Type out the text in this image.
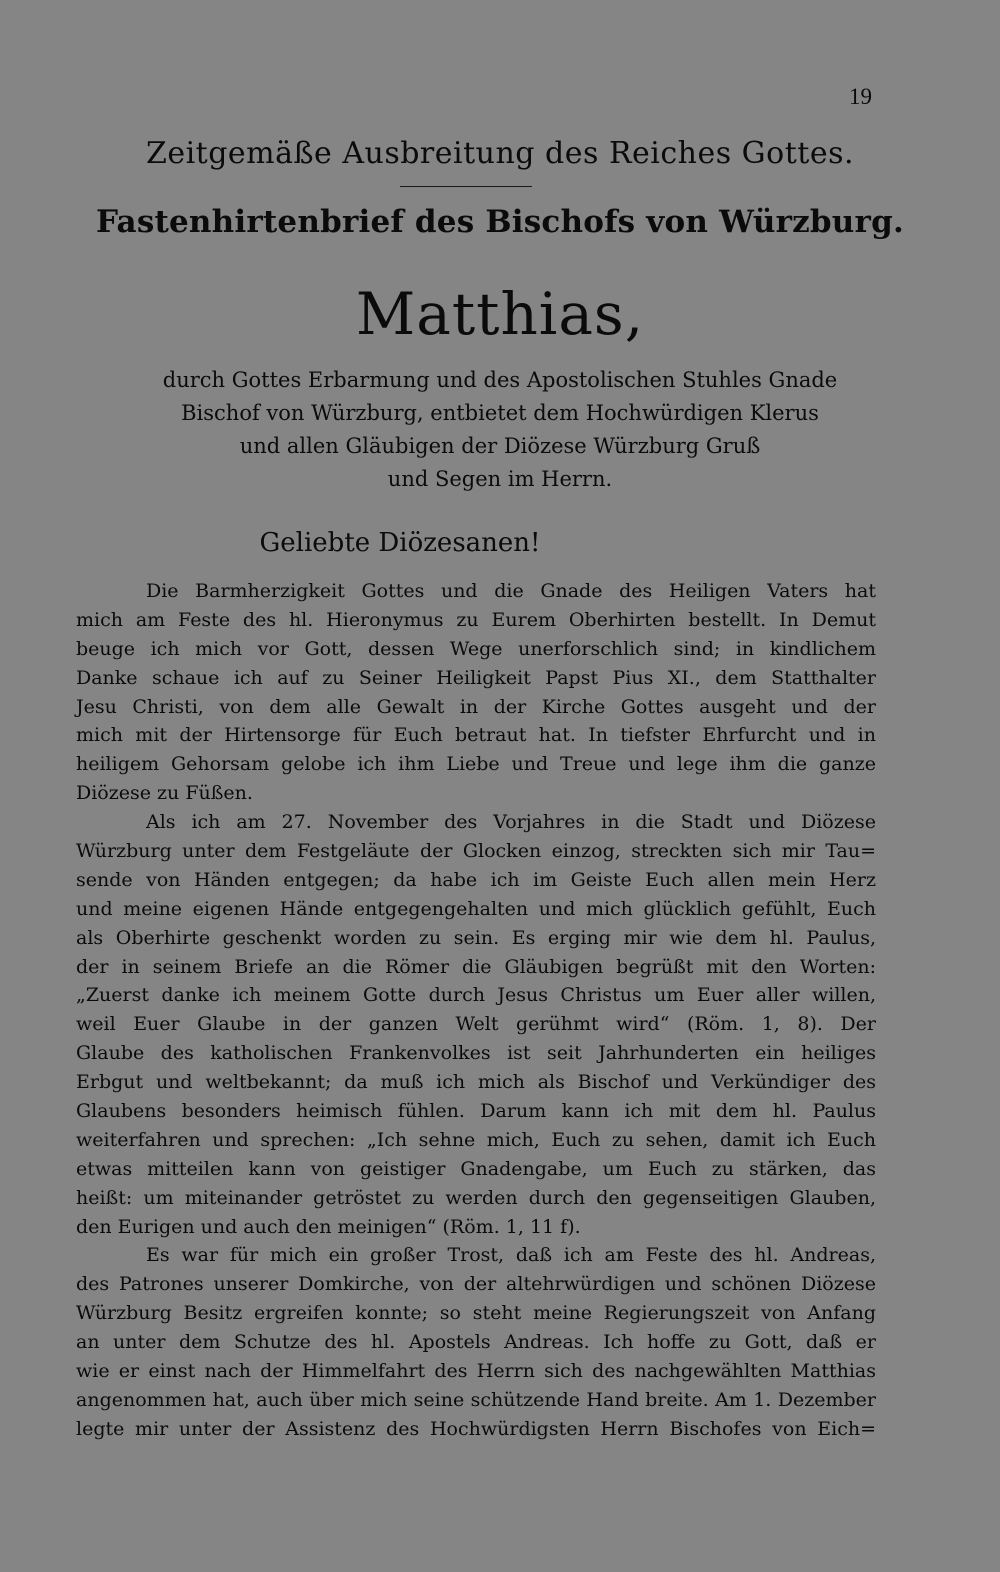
19
Zeitgemäße Ausbreitung des Reiches Gottes.
Fastenhirtenbrief des Bischofs von Würzburg.
Matthias,
durch Gottes Erbarmung und des Apostolischen Stuhles Gnade
Bischof von Würzburg, entbietet dem Hochwürdigen Klerus
und allen Gläubigen der Diözese Würzburg Gruß
und Segen im Herrn.
Geliebte Diözesanen!
Die Barmherzigkeit Gottes und die Gnade des Heiligen Vaters hat
mich am Feste des hl. Hieronymus zu Eurem Oberhirten bestellt. In Demut
beuge ich mich vor Gott, dessen Wege unerforschlich sind; in kindlichem
Danke schaue ich auf zu Seiner Heiligkeit Papst Pius XI., dem Statthalter
Jesu Christi, von dem alle Gewalt in der Kirche Gottes ausgeht und der
mich mit der Hirtensorge für Euch betraut hat. In tiefster Ehrfurcht und in
heiligem Gehorsam gelobe ich ihm Liebe und Treue und lege ihm die ganze
Diözese zu Füßen.
Als ich am 27. November des Vorjahres in die Stadt und Diözese
Würzburg unter dem Festgeläute der Glocken einzog, streckten sich mir Tau=
sende von Händen entgegen; da habe ich im Geiste Euch allen mein Herz
und meine eigenen Hände entgegengehalten und mich glücklich gefühlt, Euch
als Oberhirte geschenkt worden zu sein. Es erging mir wie dem hl. Paulus,
der in seinem Briefe an die Römer die Gläubigen begrüßt mit den Worten:
„Zuerst danke ich meinem Gotte durch Jesus Christus um Euer aller willen,
weil Euer Glaube in der ganzen Welt gerühmt wird“ (Röm. 1, 8). Der
Glaube des katholischen Frankenvolkes ist seit Jahrhunderten ein heiliges
Erbgut und weltbekannt; da muß ich mich als Bischof und Verkündiger des
Glaubens besonders heimisch fühlen. Darum kann ich mit dem hl. Paulus
weiterfahren und sprechen: „Ich sehne mich, Euch zu sehen, damit ich Euch
etwas mitteilen kann von geistiger Gnadengabe, um Euch zu stärken, das
heißt: um miteinander getröstet zu werden durch den gegenseitigen Glauben,
den Eurigen und auch den meinigen“ (Röm. 1, 11 f).
Es war für mich ein großer Trost, daß ich am Feste des hl. Andreas,
des Patrones unserer Domkirche, von der altehrwürdigen und schönen Diözese
Würzburg Besitz ergreifen konnte; so steht meine Regierungszeit von Anfang
an unter dem Schutze des hl. Apostels Andreas. Ich hoffe zu Gott, daß er
wie er einst nach der Himmelfahrt des Herrn sich des nachgewählten Matthias
angenommen hat, auch über mich seine schützende Hand breite. Am 1. Dezember
legte mir unter der Assistenz des Hochwürdigsten Herrn Bischofes von Eich=
